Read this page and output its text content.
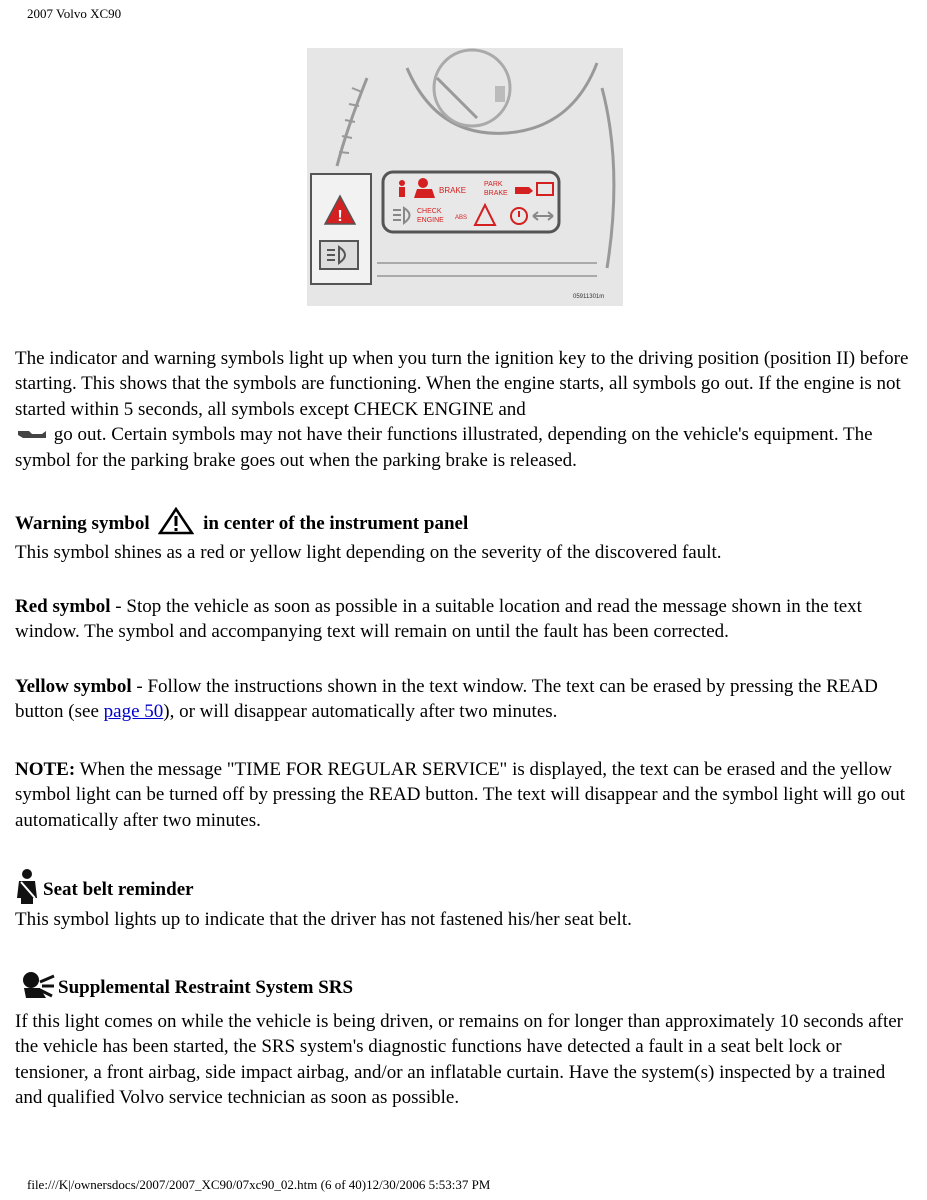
2007 Volvo XC90
!
BRAKE
PARK
BRAKE
CHECK
ENGINE ABS
05911301m

The indicator and warning symbols light up when you turn the ignition key to the driving position (position II) before starting. This shows that the symbols are functioning. When the engine starts, all symbols go out. If the engine is not started within 5 seconds, all symbols except CHECK ENGINE and
go out. Certain symbols may not have their functions illustrated, depending on the vehicle's equipment. The symbol for the parking brake goes out when the parking brake is released.

Warning symbol	in center of the instrument panel

This symbol shines as a red or yellow light depending on the severity of the discovered fault.

Red symbol - Stop the vehicle as soon as possible in a suitable location and read the message shown in the text window. The symbol and accompanying text will remain on until the fault has been corrected.

Yellow symbol - Follow the instructions shown in the text window. The text can be erased by pressing the READ button (see page 50), or will disappear automatically after two minutes.

NOTE: When the message "TIME FOR REGULAR SERVICE" is displayed, the text can be erased and the yellow symbol light can be turned off by pressing the READ button. The text will disappear and the symbol light will go out automatically after two minutes.

Seat belt reminder

This symbol lights up to indicate that the driver has not fastened his/her seat belt.

Supplemental Restraint System SRS

If this light comes on while the vehicle is being driven, or remains on for longer than approximately 10 seconds after the vehicle has been started, the SRS system's diagnostic functions have detected a fault in a seat belt lock or tensioner, a front airbag, side impact airbag, and/or an inflatable curtain. Have the system(s) inspected by a trained and qualified Volvo service technician as soon as possible.

file:///K|/ownersdocs/2007/2007_XC90/07xc90_02.htm (6 of 40)12/30/2006 5:53:37 PM
